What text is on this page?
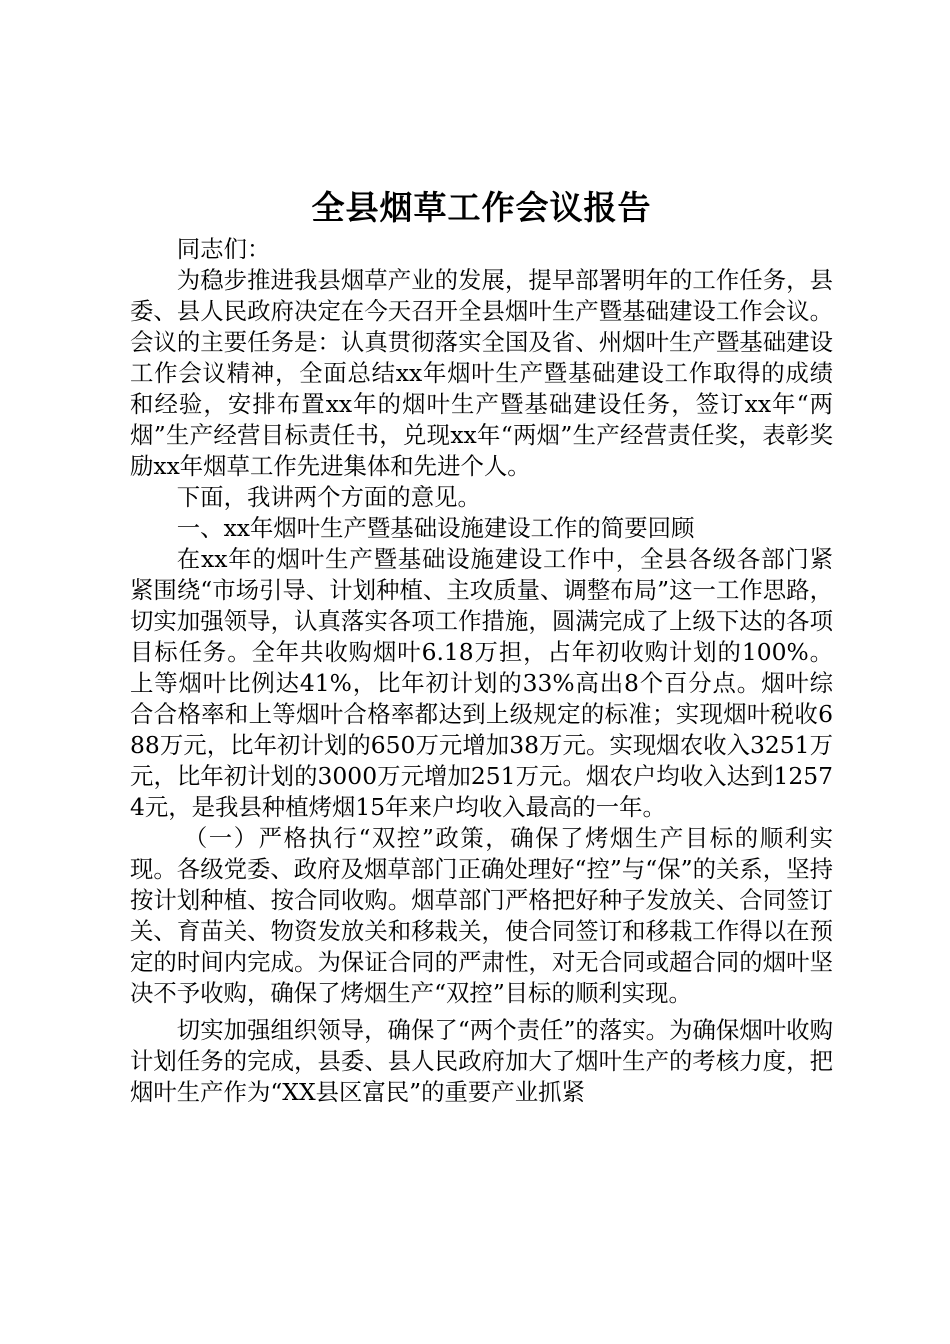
全县烟草工作会议报告

同志们：

为稳步推进我县烟草产业的发展，提早部署明年的工作任务，县委、县人民政府决定在今天召开全县烟叶生产暨基础建设工作会议。会议的主要任务是：认真贯彻落实全国及省、州烟叶生产暨基础建设工作会议精神，全面总结xx年烟叶生产暨基础建设工作取得的成绩和经验，安排布置xx年的烟叶生产暨基础建设任务，签订xx年“两烟”生产经营目标责任书，兑现xx年“两烟”生产经营责任奖，表彰奖励xx年烟草工作先进集体和先进个人。

下面，我讲两个方面的意见。

一、xx年烟叶生产暨基础设施建设工作的简要回顾

在xx年的烟叶生产暨基础设施建设工作中，全县各级各部门紧紧围绕“市场引导、计划种植、主攻质量、调整布局”这一工作思路，切实加强领导，认真落实各项工作措施，圆满完成了上级下达的各项目标任务。全年共收购烟叶6.18万担，占年初收购计划的100%。上等烟叶比例达41%，比年初计划的33%高出8个百分点。烟叶综合合格率和上等烟叶合格率都达到上级规定的标准；实现烟叶税收688万元，比年初计划的650万元增加38万元。实现烟农收入3251万元，比年初计划的3000万元增加251万元。烟农户均收入达到12574元，是我县种植烤烟15年来户均收入最高的一年。

（一）严格执行“双控”政策，确保了烤烟生产目标的顺利实现。各级党委、政府及烟草部门正确处理好“控”与“保”的关系，坚持按计划种植、按合同收购。烟草部门严格把好种子发放关、合同签订关、育苗关、物资发放关和移栽关，使合同签订和移栽工作得以在预定的时间内完成。为保证合同的严肃性，对无合同或超合同的烟叶坚决不予收购，确保了烤烟生产“双控”目标的顺利实现。

切实加强组织领导，确保了“两个责任”的落实。为确保烟叶收购计划任务的完成，县委、县人民政府加大了烟叶生产的考核力度，把烟叶生产作为“XX县区富民”的重要产业抓紧
